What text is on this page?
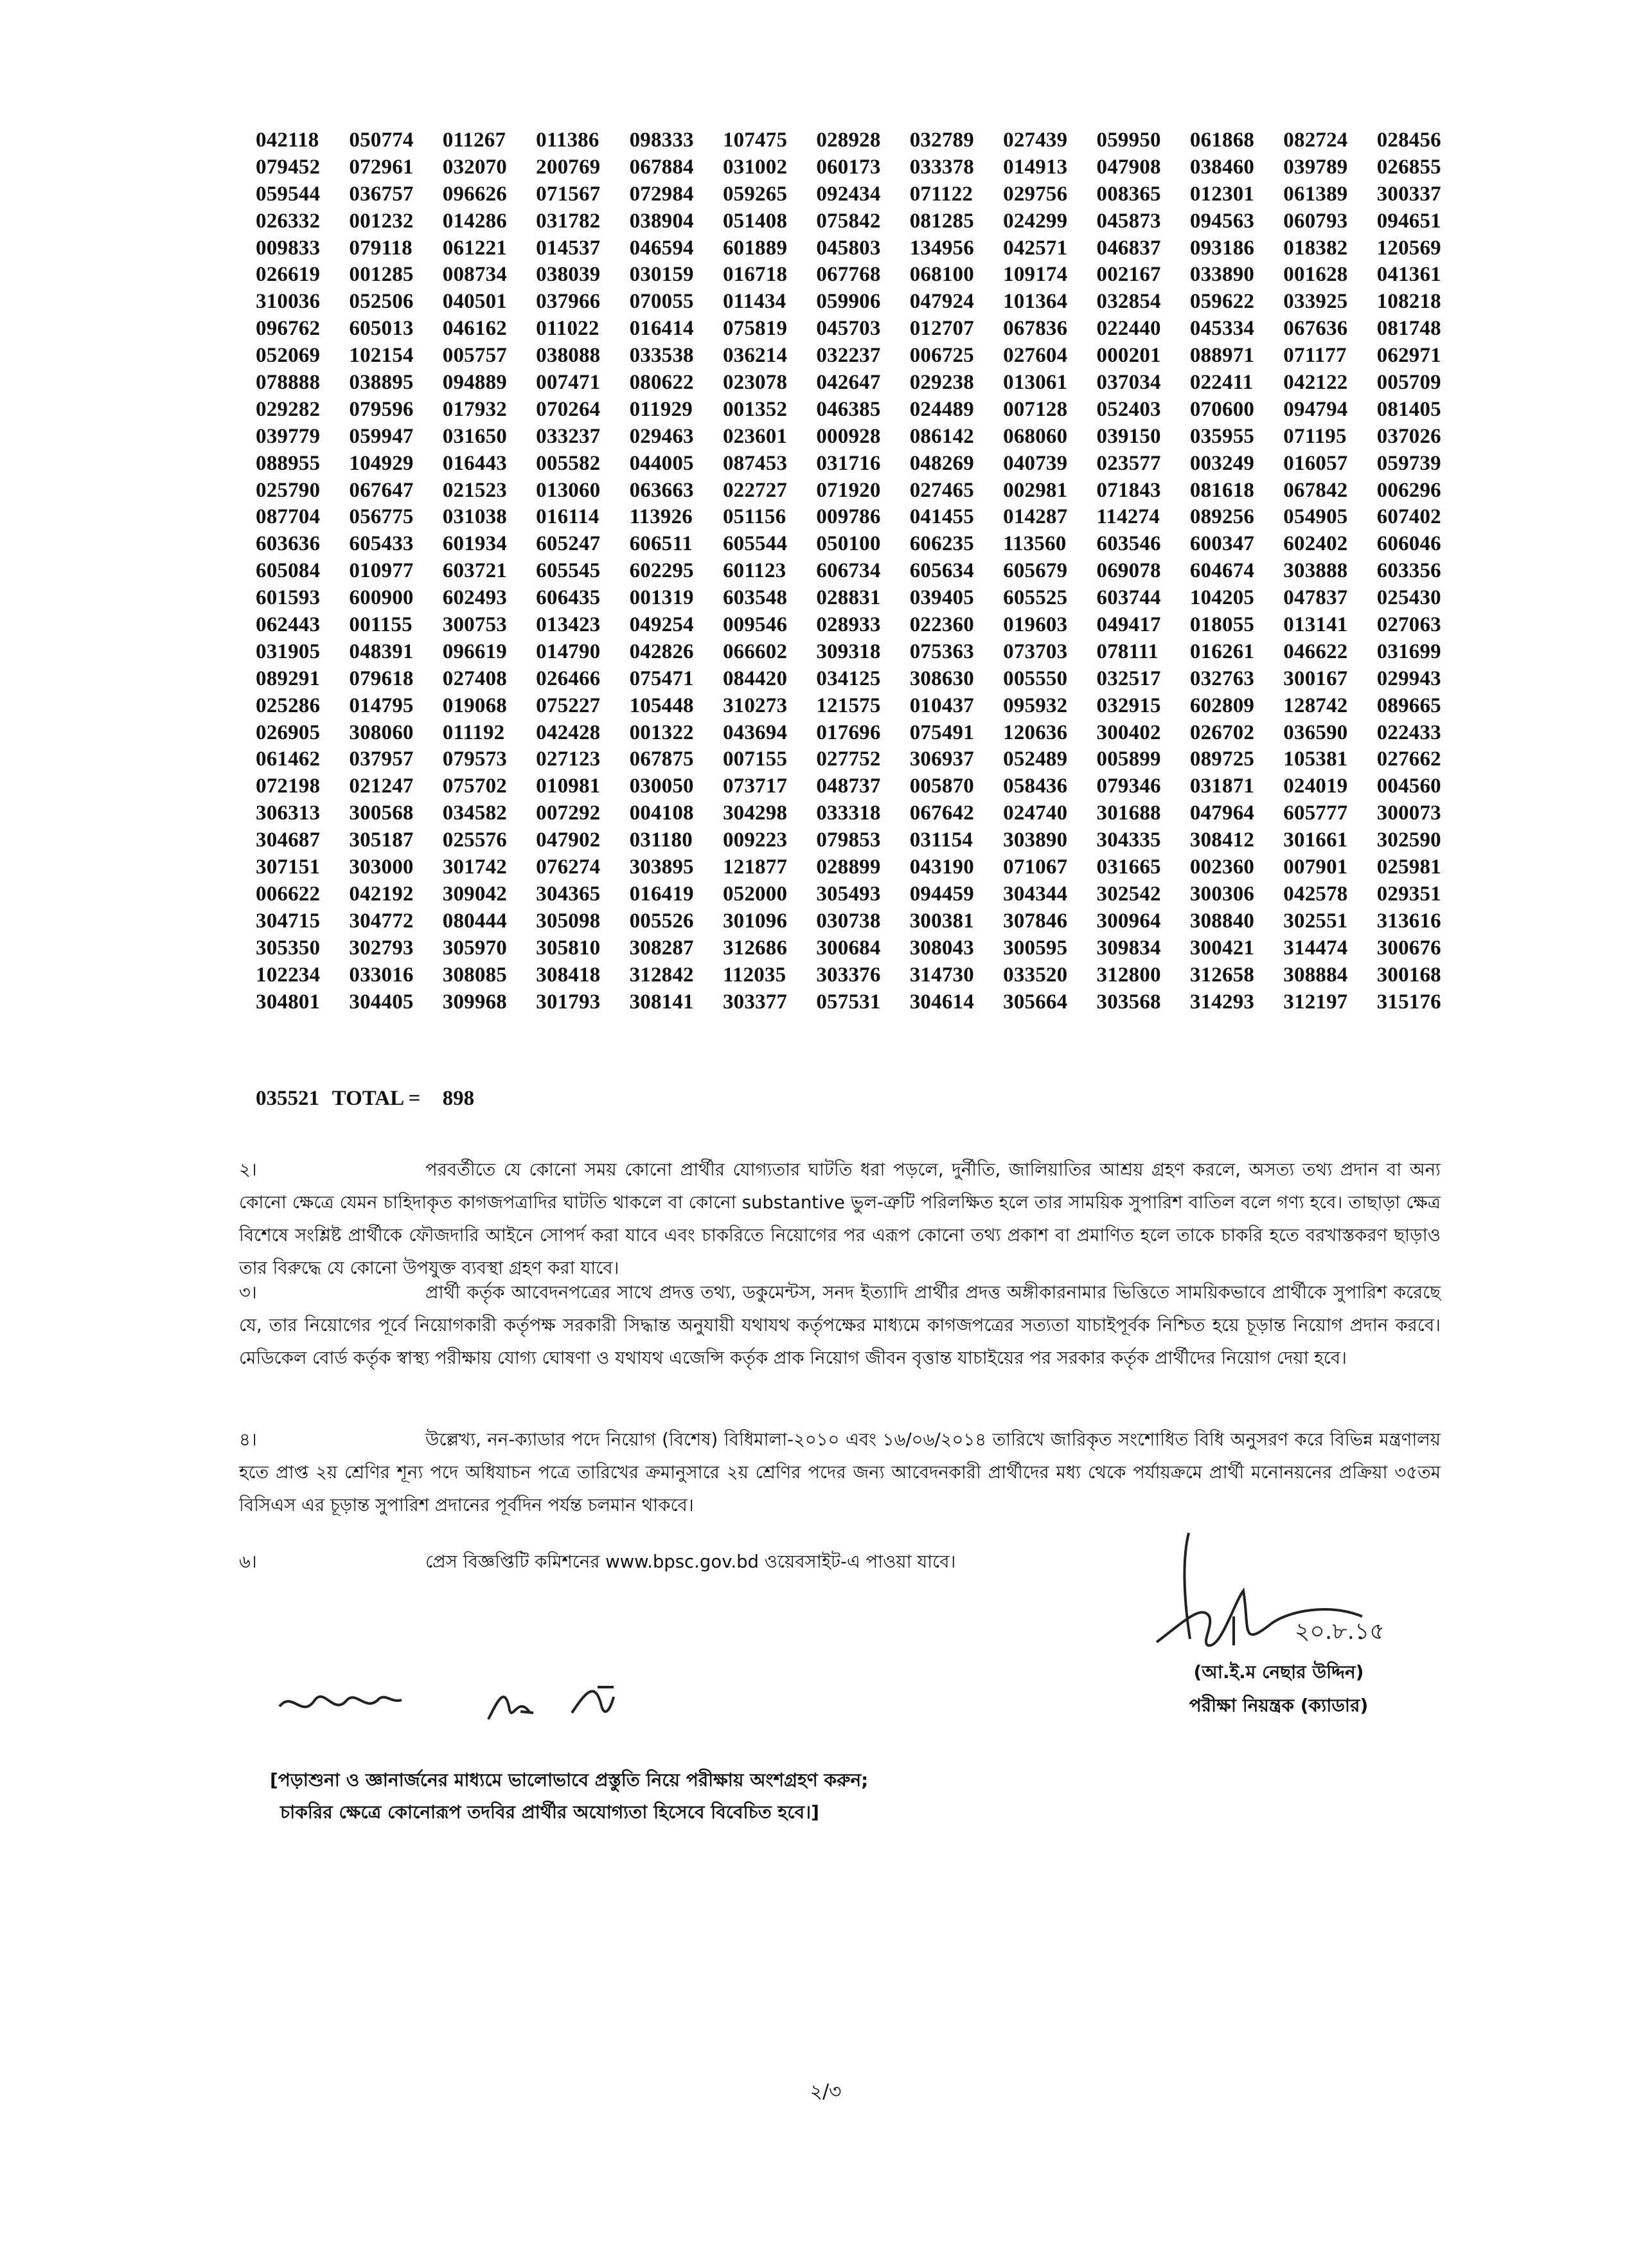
042118	050774	011267	011386	098333	107475	028928	032789	027439	059950	061868	082724	028456
079452	072961	032070	200769	067884	031002	060173	033378	014913	047908	038460	039789	026855
059544	036757	096626	071567	072984	059265	092434	071122	029756	008365	012301	061389	300337
026332	001232	014286	031782	038904	051408	075842	081285	024299	045873	094563	060793	094651
009833	079118	061221	014537	046594	601889	045803	134956	042571	046837	093186	018382	120569
026619	001285	008734	038039	030159	016718	067768	068100	109174	002167	033890	001628	041361
310036	052506	040501	037966	070055	011434	059906	047924	101364	032854	059622	033925	108218
096762	605013	046162	011022	016414	075819	045703	012707	067836	022440	045334	067636	081748
052069	102154	005757	038088	033538	036214	032237	006725	027604	000201	088971	071177	062971
078888	038895	094889	007471	080622	023078	042647	029238	013061	037034	022411	042122	005709
029282	079596	017932	070264	011929	001352	046385	024489	007128	052403	070600	094794	081405
039779	059947	031650	033237	029463	023601	000928	086142	068060	039150	035955	071195	037026
088955	104929	016443	005582	044005	087453	031716	048269	040739	023577	003249	016057	059739
025790	067647	021523	013060	063663	022727	071920	027465	002981	071843	081618	067842	006296
087704	056775	031038	016114	113926	051156	009786	041455	014287	114274	089256	054905	607402
603636	605433	601934	605247	606511	605544	050100	606235	113560	603546	600347	602402	606046
605084	010977	603721	605545	602295	601123	606734	605634	605679	069078	604674	303888	603356
601593	600900	602493	606435	001319	603548	028831	039405	605525	603744	104205	047837	025430
062443	001155	300753	013423	049254	009546	028933	022360	019603	049417	018055	013141	027063
031905	048391	096619	014790	042826	066602	309318	075363	073703	078111	016261	046622	031699
089291	079618	027408	026466	075471	084420	034125	308630	005550	032517	032763	300167	029943
025286	014795	019068	075227	105448	310273	121575	010437	095932	032915	602809	128742	089665
026905	308060	011192	042428	001322	043694	017696	075491	120636	300402	026702	036590	022433
061462	037957	079573	027123	067875	007155	027752	306937	052489	005899	089725	105381	027662
072198	021247	075702	010981	030050	073717	048737	005870	058436	079346	031871	024019	004560
306313	300568	034582	007292	004108	304298	033318	067642	024740	301688	047964	605777	300073
304687	305187	025576	047902	031180	009223	079853	031154	303890	304335	308412	301661	302590
307151	303000	301742	076274	303895	121877	028899	043190	071067	031665	002360	007901	025981
006622	042192	309042	304365	016419	052000	305493	094459	304344	302542	300306	042578	029351
304715	304772	080444	305098	005526	301096	030738	300381	307846	300964	308840	302551	313616
305350	302793	305970	305810	308287	312686	300684	308043	300595	309834	300421	314474	300676
102234	033016	308085	308418	312842	112035	303376	314730	033520	312800	312658	308884	300168
304801	304405	309968	301793	308141	303377	057531	304614	305664	303568	314293	312197	315176
035521 TOTAL = 898
২।	পরবর্তীতে যে কোনো সময় কোনো প্রার্থীর যোগ্যতার ঘাটতি ধরা পড়লে, দুর্নীতি, জালিয়াতির আশ্রয় গ্রহণ করলে, অসত্য তথ্য প্রদান বা অন্য কোনো ক্ষেত্রে যেমন চাহিদাকৃত কাগজপত্রাদির ঘাটতি থাকলে বা কোনো substantive ভুল-ত্রুটি পরিলক্ষিত হলে তার সাময়িক সুপারিশ বাতিল বলে গণ্য হবে। তাছাড়া ক্ষেত্র বিশেষে সংশ্লিষ্ট প্রার্থীকে ফৌজদারি আইনে সোপর্দ করা যাবে এবং চাকরিতে নিয়োগের পর এরূপ কোনো তথ্য প্রকাশ বা প্রমাণিত হলে তাকে চাকরি হতে বরখাস্তকরণ ছাড়াও তার বিরুদ্ধে যে কোনো উপযুক্ত ব্যবস্থা গ্রহণ করা যাবে।
৩।	প্রার্থী কর্তৃক আবেদনপত্রের সাথে প্রদত্ত তথ্য, ডকুমেন্টস, সনদ ইত্যাদি প্রার্থীর প্রদত্ত অঙ্গীকারনামার ভিত্তিতে সাময়িকভাবে প্রার্থীকে সুপারিশ করেছে যে, তার নিয়োগের পূর্বে নিয়োগকারী কর্তৃপক্ষ সরকারী সিদ্ধান্ত অনুযায়ী যথাযথ কর্তৃপক্ষের মাধ্যমে কাগজপত্রের সত্যতা যাচাইপূর্বক নিশ্চিত হয়ে চূড়ান্ত নিয়োগ প্রদান করবে। মেডিকেল বোর্ড কর্তৃক স্বাস্থ্য পরীক্ষায় যোগ্য ঘোষণা ও যথাযথ এজেন্সি কর্তৃক প্রাক নিয়োগ জীবন বৃত্তান্ত যাচাইয়ের পর সরকার কর্তৃক প্রার্থীদের নিয়োগ দেয়া হবে।
৪।	উল্লেখ্য, নন-ক্যাডার পদে নিয়োগ (বিশেষ) বিধিমালা-২০১০ এবং ১৬/০৬/২০১৪ তারিখে জারিকৃত সংশোধিত বিধি অনুসরণ করে বিভিন্ন মন্ত্রণালয় হতে প্রাপ্ত ২য় শ্রেণির শূন্য পদে অধিযাচন পত্রে তারিখের ক্রমানুসারে ২য় শ্রেণির পদের জন্য আবেদনকারী প্রার্থীদের মধ্য থেকে পর্যায়ক্রমে প্রার্থী মনোনয়নের প্রক্রিয়া ৩৫তম বিসিএস এর চূড়ান্ত সুপারিশ প্রদানের পূর্বদিন পর্যন্ত চলমান থাকবে।
৬।	প্রেস বিজ্ঞপ্তিটি কমিশনের www.bpsc.gov.bd ওয়েবসাইট-এ পাওয়া যাবে।
২০.৮.১৫
(আ.ই.ম নেছার উদ্দিন)
পরীক্ষা নিয়ন্ত্রক (ক্যাডার)
[পড়াশুনা ও জ্ঞানার্জনের মাধ্যমে ভালোভাবে প্রস্তুতি নিয়ে পরীক্ষায় অংশগ্রহণ করুন;
চাকরির ক্ষেত্রে কোনোরূপ তদবির প্রার্থীর অযোগ্যতা হিসেবে বিবেচিত হবে।]
২/৩
